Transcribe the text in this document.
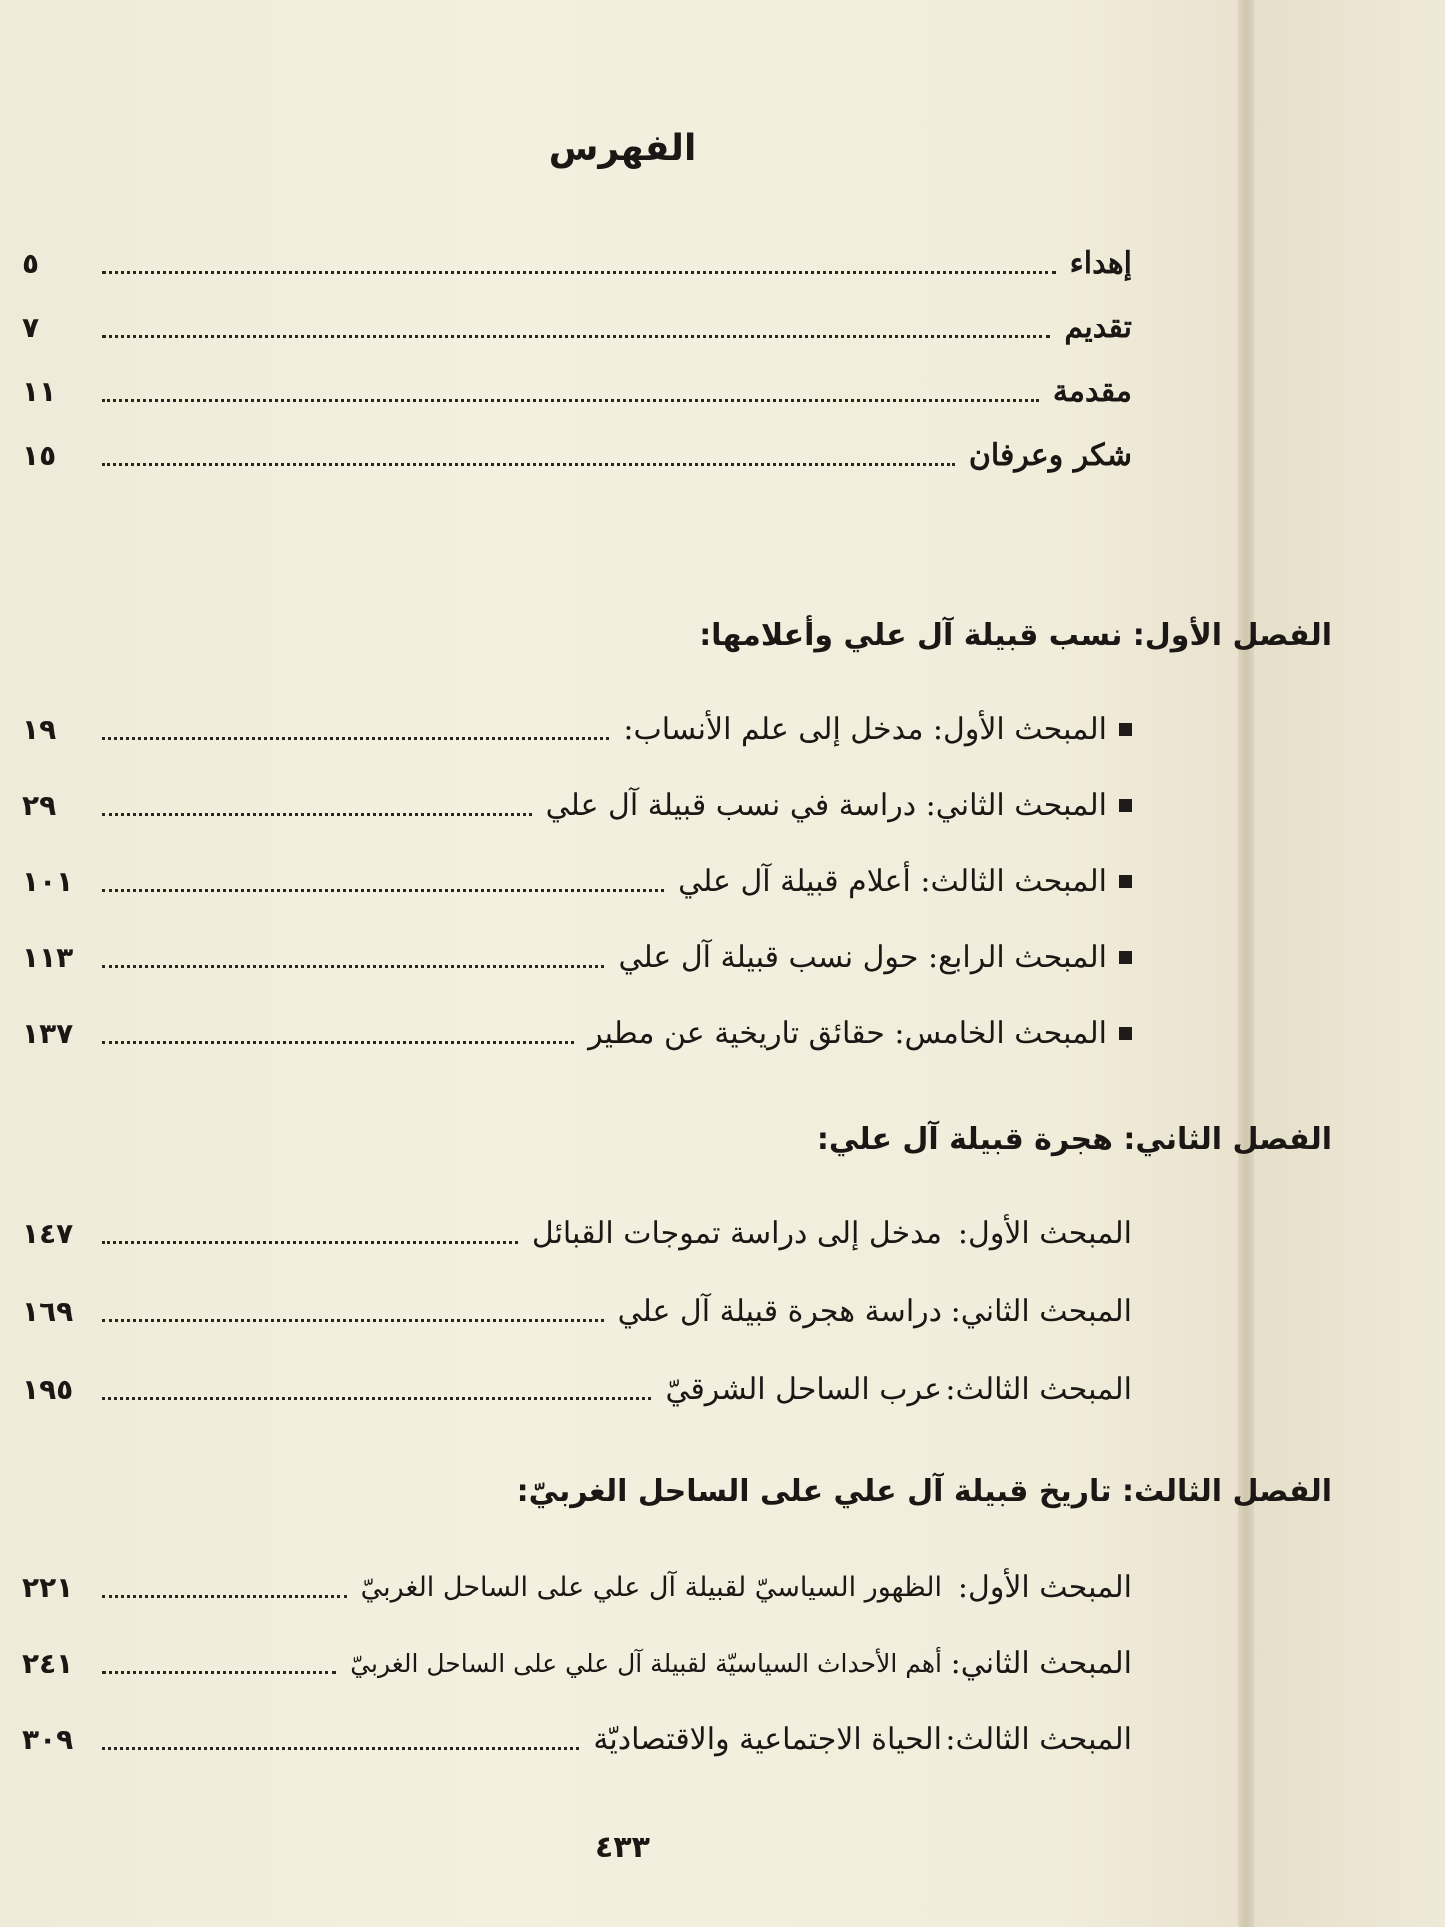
الفهرس
إهداء
٥
تقديم
٧
مقدمة
١١
شكر وعرفان
١٥
الفصل الأول: نسب قبيلة آل علي وأعلامها:
المبحث الأول: مدخل إلى علم الأنساب:
١٩
المبحث الثاني: دراسة في نسب قبيلة آل علي
٢٩
المبحث الثالث: أعلام قبيلة آل علي
١٠١
المبحث الرابع: حول نسب قبيلة آل علي
١١٣
المبحث الخامس: حقائق تاريخية عن مطير
١٣٧
الفصل الثاني: هجرة قبيلة آل علي:
المبحث الأول:
مدخل إلى دراسة تموجات القبائل
١٤٧
المبحث الثاني:
دراسة هجرة قبيلة آل علي
١٦٩
المبحث الثالث:
عرب الساحل الشرقيّ
١٩٥
الفصل الثالث: تاريخ قبيلة آل علي على الساحل الغربيّ:
المبحث الأول:
الظهور السياسيّ لقبيلة آل علي على الساحل الغربيّ
٢٢١
المبحث الثاني:
أهم الأحداث السياسيّة لقبيلة آل علي على الساحل الغربيّ
٢٤١
المبحث الثالث:
الحياة الاجتماعية والاقتصاديّة
٣٠٩
٤٣٣
